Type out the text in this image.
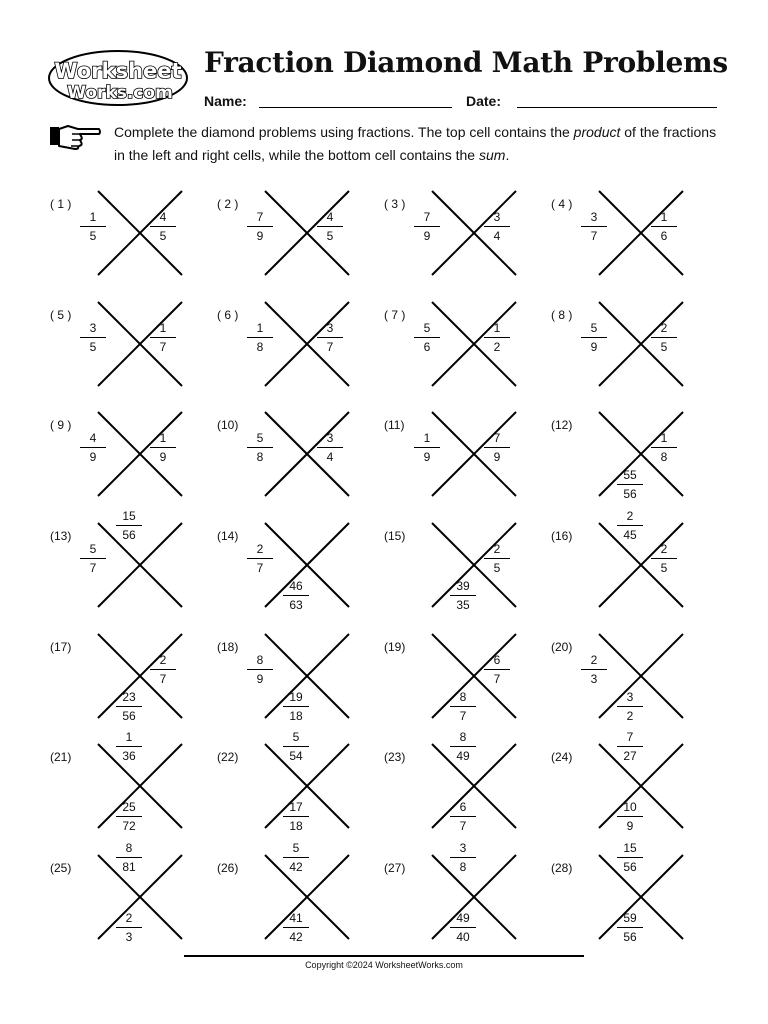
Worksheet
Works.com
Fraction Diamond Math Problems
Name:	Date:

Complete the diamond problems using fractions. The top cell contains the product of the fractions in the left and right cells, while the bottom cell contains the sum.

( 1 )
$\frac{1}{5}$	$\frac{4}{5}$
( 2 )
$\frac{7}{9}$	$\frac{4}{5}$
( 3 )
$\frac{7}{9}$	$\frac{3}{4}$
( 4 )
$\frac{3}{7}$	$\frac{1}{6}$
( 5 )
$\frac{3}{5}$	$\frac{1}{7}$
( 6 )
$\frac{1}{8}$	$\frac{3}{7}$
( 7 )
$\frac{5}{6}$	$\frac{1}{2}$
( 8 )
$\frac{5}{9}$	$\frac{2}{5}$
( 9 )
$\frac{4}{9}$	$\frac{1}{9}$
(10)
$\frac{5}{8}$	$\frac{3}{4}$
(11)
$\frac{1}{9}$	$\frac{7}{9}$
(12)
$\frac{1}{8}$
$\frac{55}{56}$
(13)	$\frac{15}{56}$
$\frac{5}{7}$
(14)
$\frac{2}{7}$
$\frac{46}{63}$
(15)
$\frac{2}{5}$
$\frac{39}{35}$
(16)	$\frac{2}{45}$
$\frac{2}{5}$
(17)
$\frac{2}{7}$
$\frac{23}{56}$
(18)
$\frac{8}{9}$
$\frac{19}{18}$
(19)
$\frac{6}{7}$
$\frac{8}{7}$
(20)
$\frac{2}{3}$
$\frac{3}{2}$
(21)	$\frac{1}{36}$
$\frac{25}{72}$
(22)	$\frac{5}{54}$
$\frac{17}{18}$
(23)	$\frac{8}{49}$
$\frac{6}{7}$
(24)	$\frac{7}{27}$
$\frac{10}{9}$
(25)	$\frac{8}{81}$
$\frac{2}{3}$
(26)	$\frac{5}{42}$
$\frac{41}{42}$
(27)	$\frac{3}{8}$
$\frac{49}{40}$
(28)	$\frac{15}{56}$
$\frac{59}{56}$
Copyright ©2024 WorksheetWorks.com
